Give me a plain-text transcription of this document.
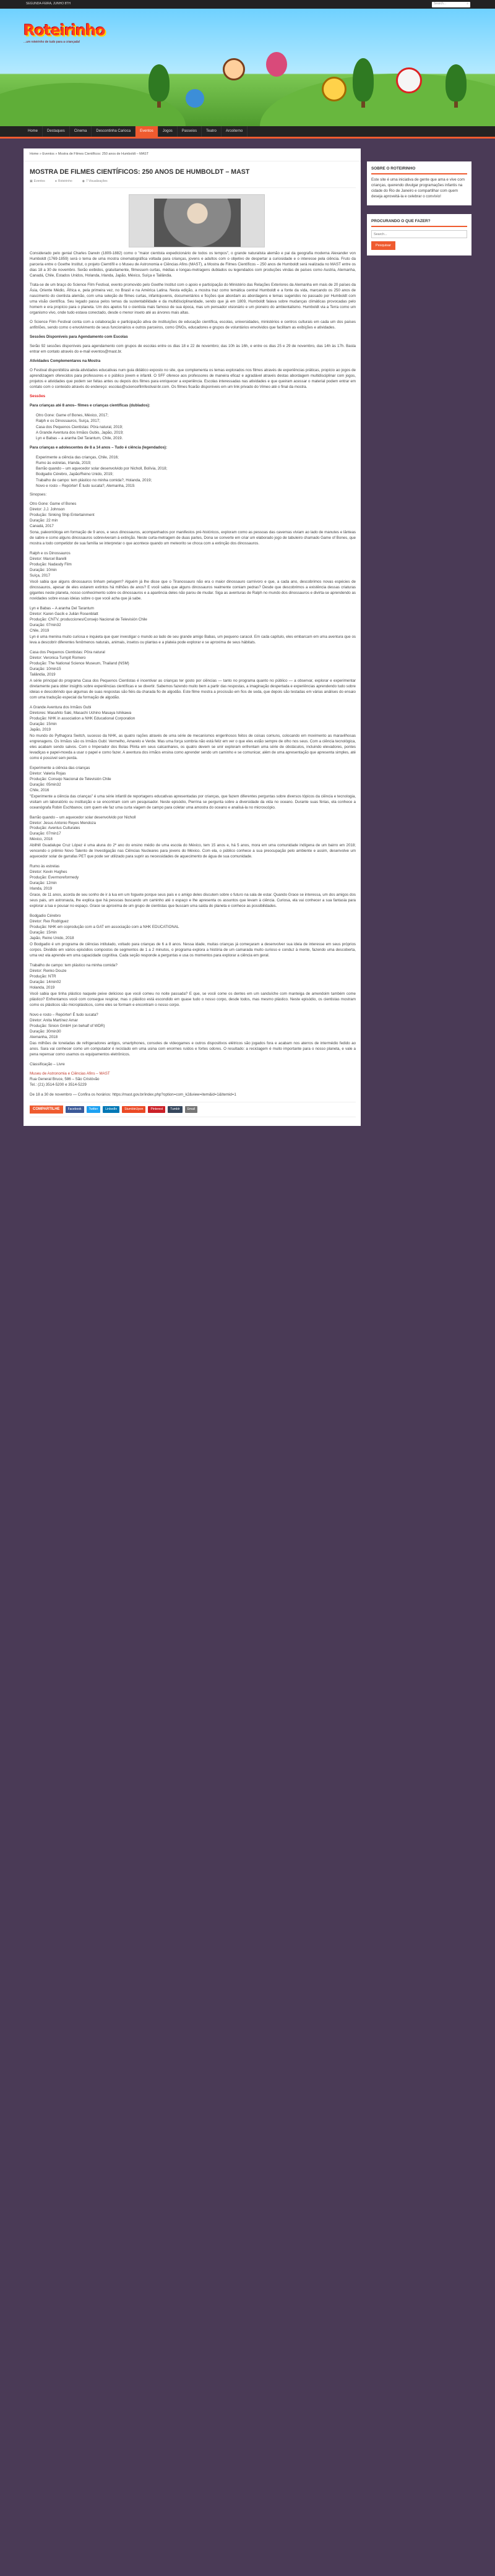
SEGUNDA-FEIRA, JUNHO 8TH	Search...	⌕
Roteirinho
...um roteirinho de tudo para a criançada!
Home	Destaques	Cinema	Descontinha Carioca	Eventos	Jogos	Passeios	Teatro	Arcoiterno
Home » Eventos » Mostra de Filmes Científicos: 250 anos de Humboldt – MAST
MOSTRA DE FILMES CIENTÍFICOS: 250 ANOS DE HUMBOLDT – MAST
▣ Eventos	● Roteirinho	◉ 7 Visualizações

Considerado pelo genial Charles Darwin (1809-1882) como o "maior cientista expedicionário de todos os tempos", o grande naturalista alemão e pai da geografia moderna Alexander von Humboldt (1769-1859) será o tema de uma mostra cinematográfica voltada para crianças, jovens e adultos com o objetivo de despertar a curiosidade e o interesse pela ciência. Fruto da parceria entre o Goethe Institut, o projeto Ciemtífil e o Museu de Astronomia e Ciências Afins (MAST), a Mostra de Filmes Científicos – 250 anos de Humboldt será realizada no MAST entre os dias 18 a 30 de novembro. Serão exibidos, gratuitamente, filmessem curtas, médias e longas-metragens dublados ou legendados com produções vindas de países como Austria, Alemanha, Canadá, Chile, Estados Unidos, Holanda, Irlanda, Japão, México, Suíça e Tailândia.

Trata-se de um braço do Science Film Festival, evento promovido pelo Goethe Institut com o apoio e participação do Ministério das Relações Exteriores da Alemanha em mais de 20 países da Ásia, Oriente Médio, África e, pela primeira vez, no Brasil e na América Latina. Nesta edição, a mostra traz como temática central Humboldt e a fonte da vida, marcando os 250 anos de nascimento do cientista alemão, com uma seleção de filmes curtas, infantojuvenis, documentários e ficções que abordam as abordagens e temas sugeridos no passado por Humboldt com uma visão científica. Seu legado passa pelos temas da sustentabilidade e da multidisciplinaridade, sendo que já em 1809, Humboldt falava sobre mudanças climáticas provocadas pelo homem e era propício para o planeta. Um dos apelos foi o cientista mais famoso de sua época, mas um pensador visionário e um pioneiro do ambientalismo. Humboldt via a Terra como um organismo vivo, onde tudo estava conectado, desde o menor inseto até as árvores mais altas.

O Science Film Festival conta com a colaboração e participação ativa de instituições de educação científica, escolas, universidades, ministérios e centros culturais em cada um dos países anfitriões, sendo como o envolvimento de seus funcionários e outros parceiros, como ONGs, educadores e grupos de voluntários envolvidos que facilitam as exibições e atividades.

Sessões Disponíveis para Agendamento com Escolas

Serão 92 sessões disponíveis para agendamento com grupos de escolas entre os dias 18 e 22 de novembro; das 10h às 16h, e entre os dias 25 e 29 de novembro, das 14h às 17h. Basta entrar em contato através do e-mail eventos@mast.br.

Atividades Complementares na Mostra

O Festival disponibiliza ainda atividades educativas num guia didático exposto no site, que complementa os temas explorados nos filmes através de experiências práticas, propício ao jogos de aprendizagem oferecidos para professores e o público jovem e infantil. O SFF oferece aos professores de maneira eficaz e agradável através destas abordagem multidisciplinar com jogos, projetos e atividades que podem ser feitas antes ou depois dos filmes para enriquecer a experiência. Escolas interessadas nas atividades e que queiram acessar o material podem entrar em contato com o conteúdo através do endereço: escolas@sciencefilmfestival-br.com. Os filmes ficarão disponíveis em um link privado do Vimeo até o final da mostra.

Sessões

Para crianças até 8 anos– filmes e crianças científicas (dublados):

Otro Gone: Game of Bones, México, 2017;
Ralph e os Dinossauros, Suíça, 2017;
Casa dos Pequenos Cientistas: Pôra natural, 2019;
A Grande Aventura dos Irmãos Gubis, Japão, 2019;
Lyn e Babas – a aranha Del Tarantum, Chile, 2019.

Para crianças e adolescentes de 8 a 14 anos – Tudo é ciência (legendados):

Experimente a ciência das crianças, Chile, 2016;
Rumo às estrelas, Irlanda, 2019;
Barrão quando – um aquecedor solar desenvolvido por Nicholl, Bolívia, 2018;
Bodgadio Cérebro, Japão/Reino Unido, 2019;
Trabalho de campo: tem plástico no minha comida?, Holanda, 2019;
Novo e rosto – Repórter! É tudo sucata?, Alemanha, 2019.

Sinopses:

Otro Gone: Game of Bones
Diretor: J.J. Johnson
Produção: Sinking Ship Entertainment
Duração: 22 min
Canadá, 2017

Sona, paleontóloga em formação de 9 anos, e seus dinossauros, acompanhados por manifestos pré-históricos, exploram como as pessoas das cavernas viviam ao lado de manutes e lânteas de sabre e como alguns dinossauros sobreviveram à extinção. Neste curta-metragem de duas partes, Dona se converte em criar um elaborado jogo de tabuleiro chamado Game of Bones, que mostra a todo competidor de sua família se interpretar o que acontece quando um meteorito se choca com a extinção dos dinossauros.

Ralph e os Dinossauros
Diretor: Marcel Barelli
Produção: Nadasdy Film
Duração: 10min
Suíça, 2017

Você sabia que alguns dinossauros tinham pelugem? Alguém já lhe disse que o Tiranossauro não era o maior dinossauro carnívoro e que, a cada ano, descobrimos novas espécies de dinossauros, apesar de eles estarem extintos há milhões de anos? E você sabia que alguns dinossauros realmente comiam pedras? Desde que descobrimos a existência dessas criaturas gigantes neste planeta, nosso conhecimento sobre os dinossauros e a aparência deles não parou de mudar. Siga as aventuras de Ralph no mundo dos dinossauros e divirta-se aprendendo as novidades sobre essas ideias sobre o que você acha que já sabe.

Lyn e Babas – A aranha Del Tarantum
Diretor: Karen Gacík e Julián Rosenblatt
Produção: CNTV, producciones/Consejo Nacional de Televisión Chile
Duração: 07min32
Chile, 2019

Lyn é uma menina muito curiosa e inquieta que quer investigar o mundo ao lado de seu grande amigo Babas, um pequeno caracol. Em cada capítulo, eles embarcam em uma aventura que os leva a descobrir diferentes fenômenos naturais, animais, insetos ou plantas e a plateia pode explorar e se aproxima de seus hábitats.

Casa dos Pequenos Cientistas: Pôra natural
Diretor: Veronica Turnpit Romero
Produção: The National Science Museum, Thailand (NSM)
Duração: 10min15
Tailândia, 2019

A série principal do programa Casa dos Pequenos Cientistas é incentivar as crianças ter gosto por ciências — tanto no programa quanto no público — a observar, explorar e experimentar diretamente para obter insights sobre experiências científicas e se divertir. Sabemos fazendo muito bem a partir das respostas, a imaginação despertada e experiências aprendendo tudo sobre ideias e descobrindo que algumas de suas respostas são fiéis da charada fio de algodão. Este filme mostra a procissão em fios de seda, que depois são testadas em várias análises do ensaio com uma tradução especial da formação de algodão.

A Grande Aventura dos Irmãos Gubi
Diretores: Masahito Saki, Masachi Uchino Masaya Ishikawa
Produção: NHK in association a NHK Educational Corporation
Duração: 15min
Japão, 2019

No mundo do Pythagora Switch, sucesso da NHK, as quatro rações através de uma série de mecanismos engenhosos feitos de coisas comuns, colocando em movimento as maravilhosas engrenagens. Os Irmãos são os Irmãos Gubi: Vermelho, Amarelo e Verde. Mas uma força sombria não está feliz em ver o que eles estão sempre de olho nos seus. Com a ciência tecnológica, eles acabam sendo salvos. Com o Imperador dos Bolas Plinta em seus calcanhares, os quatro devem se unir exploram enfrentam uma série de obstáculos, incluindo elevadores, pontes levadiças e papel-moeda a usar o papel e como fazer. A aventura dos irmãos ensina como aprender sendo um caminho e se comunicar, além de uma apresentação que apresenta simples, até como é possível sem perda.

Experimente a ciência das crianças
Diretor: Valeria Rojas
Produção: Consejo Nacional de Televisión Chile
Duração: 05min32
Chile, 2016

"Experimente a ciência das crianças" é uma série infantil de reportagens educativas apresentadas por crianças, que fazem diferentes perguntas sobre diversos tópicos da ciência e tecnologia, visitam um laboratório ou instituição e se encontram com um pesquisador. Neste episódio, Pierrina se pergunta sobre a diversidade da vida no oceano. Durante suas férias, ela conhece a oceanógrafa Robin Eschbanov, com quem ele faz uma curta viagem de campo para coletar uma amostra do oceano e analisá-la no microscópio.

Barrão quando – um aquecedor solar desenvolvido por Nicholl
Diretor: Jesus Antonio Reyes Mendoza
Produção: Aventus Culturales
Duração: 07min17
México, 2018

Abilhill Guadalupe Cruz López é uma aluna do 2º ano do ensino médio de uma escola do México, tem 15 anos e, há 5 anos, mora em uma comunidade indígena de um bairro em 2018; vencendo o prêmio Novo Talento de Investigação nas Ciências Nucleares para jovens do México. Com ela, o público conhece a sua preocupação pelo ambiente e assim, desenvolve um aquecedor solar de garrafas PET que pode ser utilizado para suprir as necessidades de aquecimento de água de sua comunidade.

Rumo às estrelas
Diretor: Kevin Hughes
Produção: Evermoreformedy
Duração: 12min
Irlanda, 2019

Grace, de 11 anos, acorda de seu sonho de ir à lua em um foguete porque seus pais e o amigo deles discutem sobre o futuro na sala de estar. Quando Grace se interessa, um dos amigos dos seus pais, um astronauta, lhe explica que há pessoas buscando um caminho até o espaço e lhe apresenta os assuntos que levam à ciência. Curiosa, ela vai conhecer a sua fantasia para explorar a lua e pousar no espaço. Grace se aproxima de um grupo de cientistas que buscam uma saída do planeta e conhece as possibilidades.

Bodgadio Cérebro
Diretor: Rex Rodriguez
Produção: NHK em coprodução com a GAT em associação com a NHK EDUCATIONAL
Duração: 15min
Japão, Reino Unido, 2018

O Bodgadio é um programa de ciências intitulado, voltado para crianças de 6 a 8 anos. Nessa idade, muitas crianças já começaram a desenvolver sua ideia de interesse em seus próprios corpos. Dividido em vários episódios compostos de segmentos de 1 a 2 minutos, o programa explora a história de um camarada muito curioso e conduz à mente, fazendo uma descoberta, uma vez ela aprende em uma capacidade cognitiva. Cada seção responde a perguntas e usa os momentos para explorar a ciência em geral.

Trabalho de campo: tem plástico na minha comida?
Diretor: Renko Douze
Produção: NTR
Duração: 14min02
Holanda, 2019

Você sabia que tinha plástico naquele peixe delicioso que você comeu no noite passada? E que, se você come os dentes em um sanduíche com manteiga de amendoim também come plástico? Enfrentamos você com consegue respirar, mas o plástico está escondido em quase tudo o nosso corpo, desde todos, mas mesmo plástico. Neste episódio, os cientistas mostram como os plásticos são microplásticos, como eles se formam e encontram o nosso corpo.

Novo e rosto – Repórter! É tudo sucata?
Diretor: Anita Martínez Amar
Produção: Sinion GmbH (on behalf of WDR)
Duração: 30min30
Alemanha, 2018

Das milhões de toneladas de refrigeradores antigos, smartphones, consoles de videogames e outros dispositivos elétricos são jogados fora e acabam nos aterros de intermédio fedido ao anos. Sara vai conhecer como um computador é reciclado em uma usina com enormes ruídos e fortes odores. O resultado: a reciclagem é muito importante para o nosso planeta, e vale a pena repensar como usamos os equipamentos eletrônicos.

Classificação – Livre

Museu de Astronomia e Ciências Afins – MAST
Rua General Bruce, 586 – São Cristóvão
Tel.: (21) 3514-5200 e 3514-5229

De 18 a 30 de novembro — Confira os horários: https://mast.gov.br/index.php?option=com_k2&view=item&id=1&Itemid=1

COMPARTILHE	Facebook	Twitter	LinkedIn	StumbleUpon	Pinterest	Tumblr	Email
SOBRE O ROTEIRINHO

Este site é uma iniciativa de gente que ama e vive com crianças, querendo divulgar programações infantis na cidade do Rio de Janeiro e compartilhar com quem deseja aproveitá-la e celebrar o convívio!

PROCURANDO O QUE FAZER?
Search... Pesquisar
